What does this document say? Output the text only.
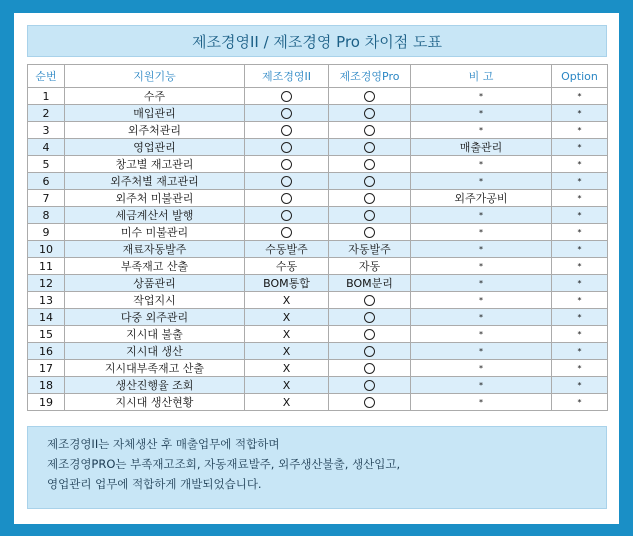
제조경영II / 제조경영 Pro 차이점 도표
순번	지원기능	제조경영II	제조경영Pro	비 고	Option
1	수주			*	*
2	매입관리			*	*
3	외주처관리			*	*
4	영업관리			매출관리	*
5	창고별 재고관리			*	*
6	외주처별 재고관리			*	*
7	외주처 미불관리			외주가공비	*
8	세금계산서 발행			*	*
9	미수 미불관리			*	*
10	재료자동발주	수동발주	자동발주	*	*
11	부족재고 산출	수동	자동	*	*
12	상품관리	BOM통합	BOM분리	*	*
13	작업지시	X		*	*
14	다중 외주관리	X		*	*
15	지시대 불출	X		*	*
16	지시대 생산	X		*	*
17	지시대부족재고 산출	X		*	*
18	생산진행율 조회	X		*	*
19	지시대 생산현황	X		*	*
제조경영II는 자체생산 후 매출업무에 적합하며
제조경영PRO는 부족재고조회, 자동재료발주, 외주생산불출, 생산입고,
영업관리 업무에 적합하게 개발되었습니다.
